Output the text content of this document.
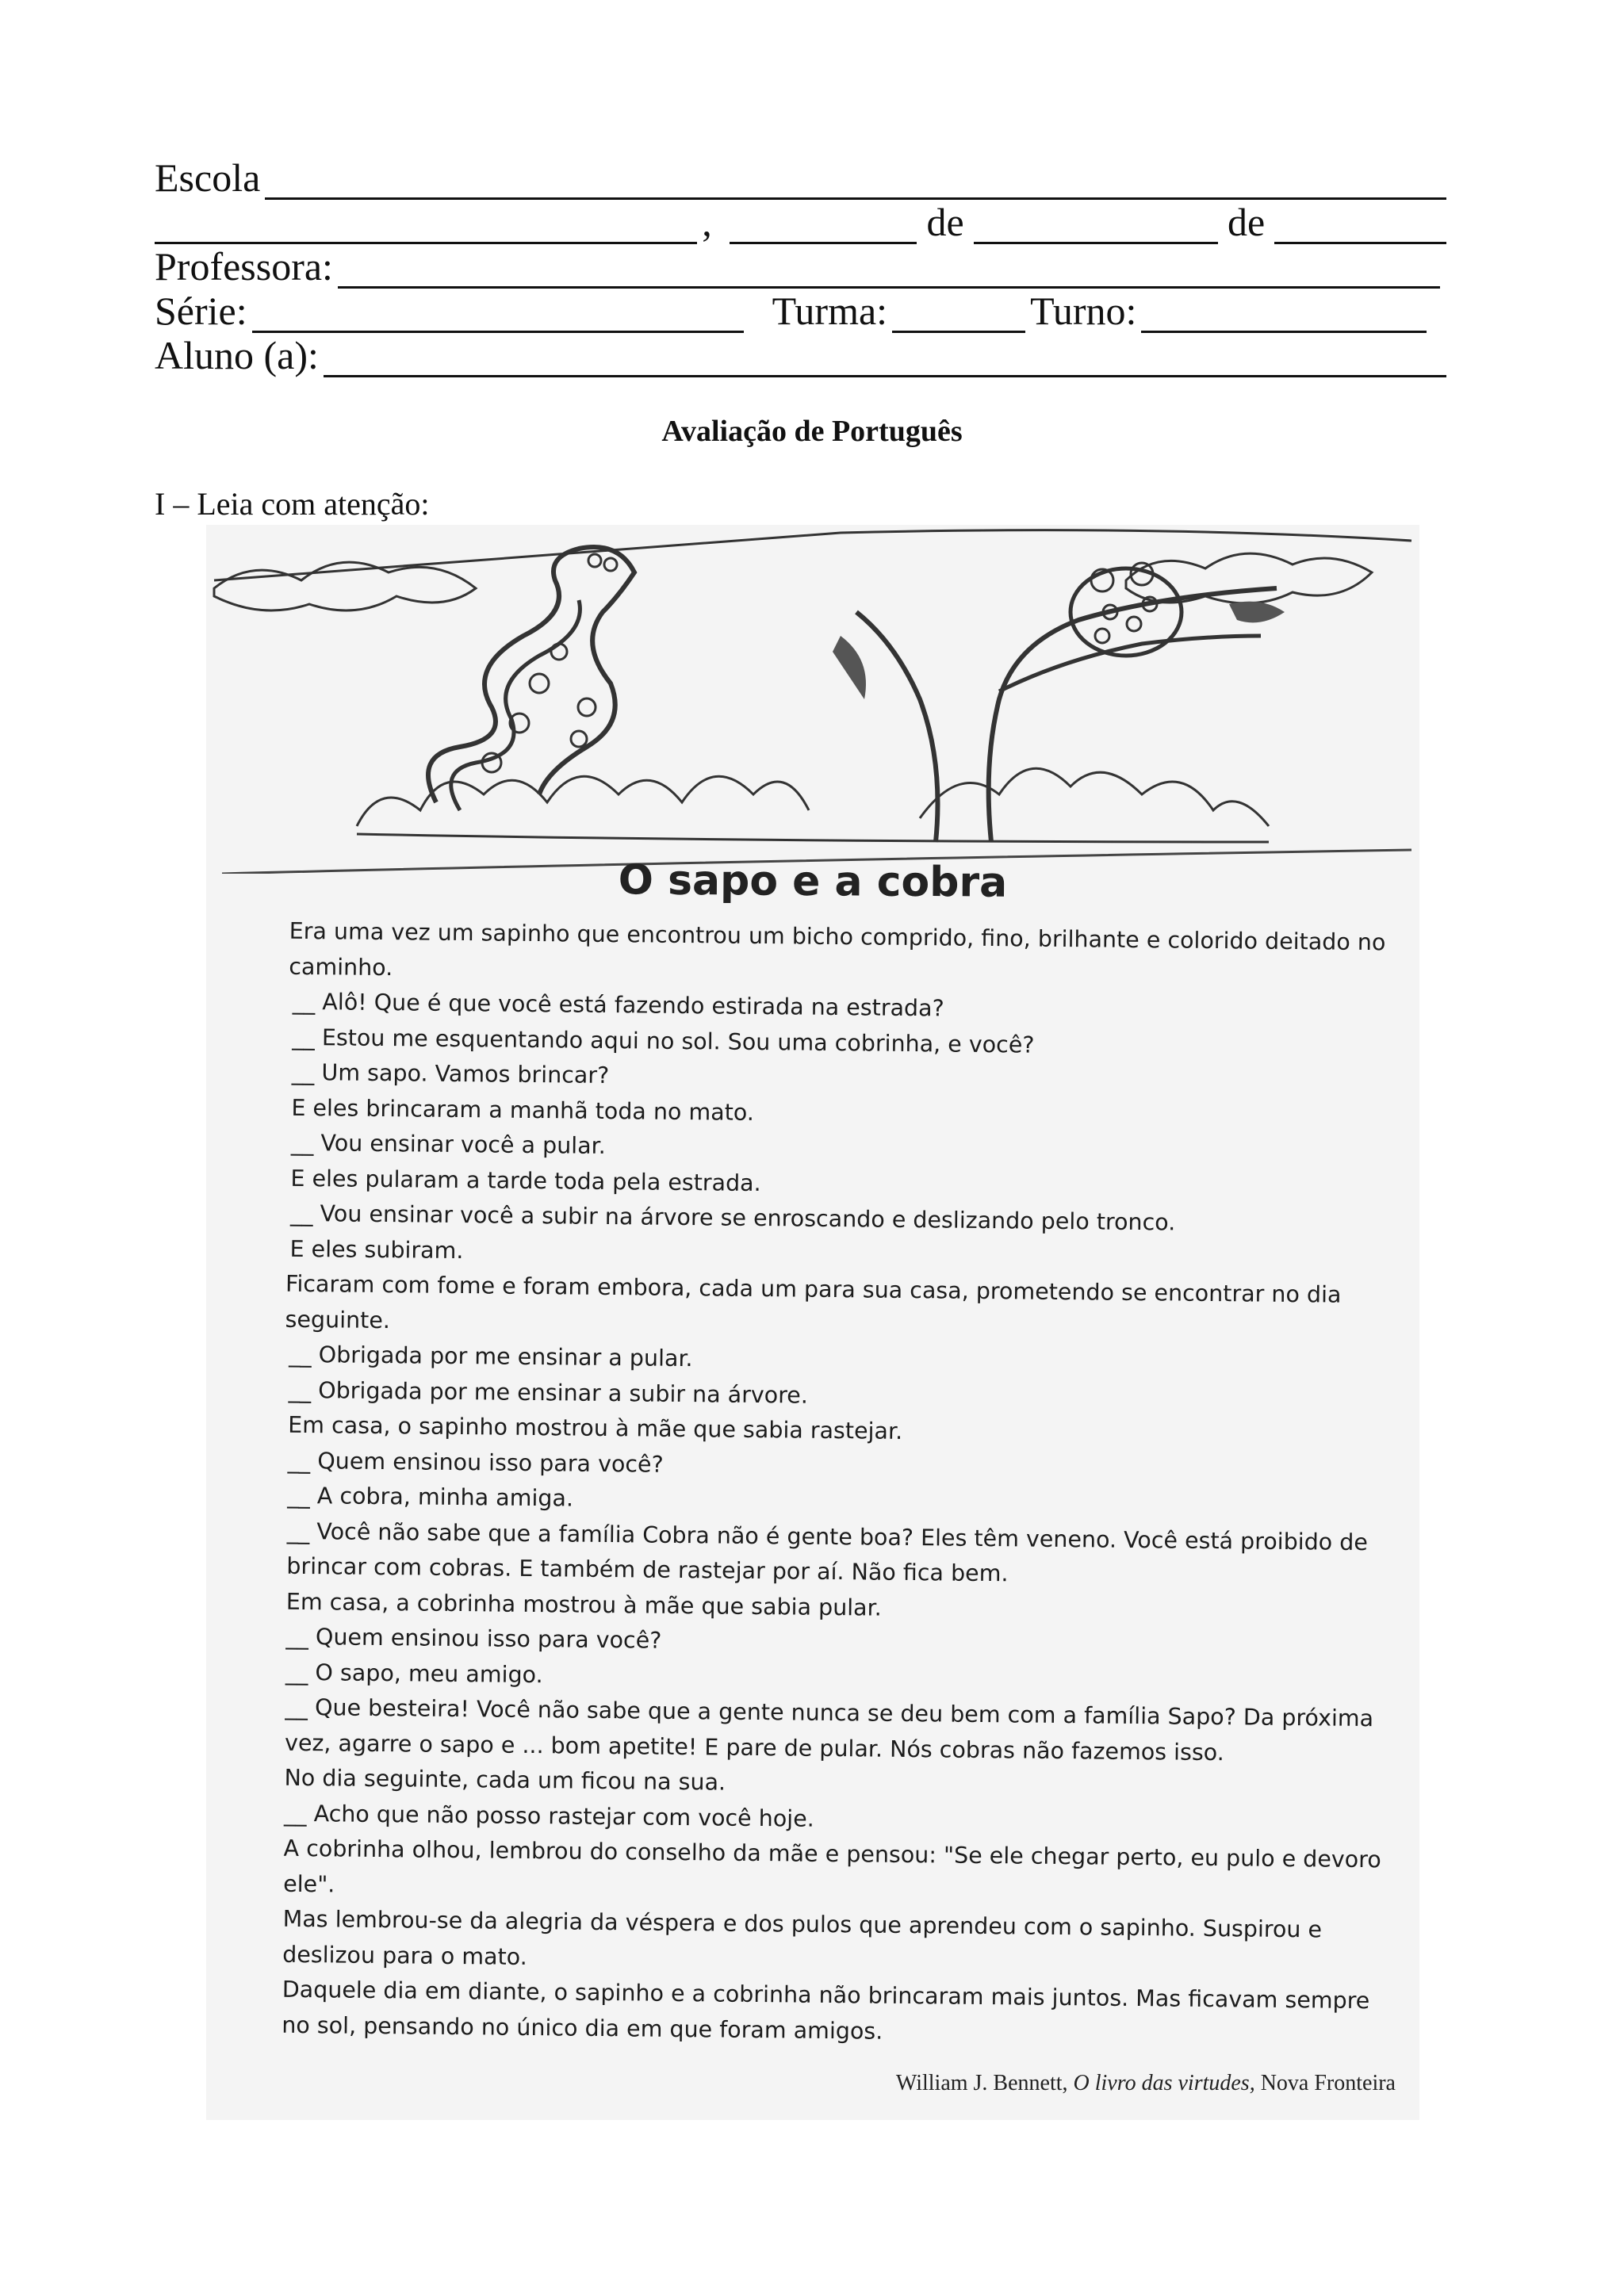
Escola
,	de	de
Professora:
Série:	Turma:	Turno:
Aluno (a):
Avaliação de Português
I – Leia com atenção:
O sapo e a cobra

Era uma vez um sapinho que encontrou um bicho comprido, fino, brilhante e colorido deitado no caminho.

__ Alô! Que é que você está fazendo estirada na estrada?

__ Estou me esquentando aqui no sol. Sou uma cobrinha, e você?

__ Um sapo. Vamos brincar?

E eles brincaram a manhã toda no mato.

__ Vou ensinar você a pular.

E eles pularam a tarde toda pela estrada.

__ Vou ensinar você a subir na árvore se enroscando e deslizando pelo tronco.

E eles subiram.

Ficaram com fome e foram embora, cada um para sua casa, prometendo se encontrar no dia seguinte.

__ Obrigada por me ensinar a pular.

__ Obrigada por me ensinar a subir na árvore.

Em casa, o sapinho mostrou à mãe que sabia rastejar.

__ Quem ensinou isso para você?

__ A cobra, minha amiga.

__ Você não sabe que a família Cobra não é gente boa? Eles têm veneno. Você está proibido de brincar com cobras. E também de rastejar por aí. Não fica bem.

Em casa, a cobrinha mostrou à mãe que sabia pular.

__ Quem ensinou isso para você?

__ O sapo, meu amigo.

__ Que besteira! Você não sabe que a gente nunca se deu bem com a família Sapo? Da próxima vez, agarre o sapo e ... bom apetite! E pare de pular. Nós cobras não fazemos isso.

No dia seguinte, cada um ficou na sua.

__ Acho que não posso rastejar com você hoje.

A cobrinha olhou, lembrou do conselho da mãe e pensou: "Se ele chegar perto, eu pulo e devoro ele".

Mas lembrou-se da alegria da véspera e dos pulos que aprendeu com o sapinho. Suspirou e deslizou para o mato.

Daquele dia em diante, o sapinho e a cobrinha não brincaram mais juntos. Mas ficavam sempre no sol, pensando no único dia em que foram amigos.

William J. Bennett, O livro das virtudes, Nova Fronteira
